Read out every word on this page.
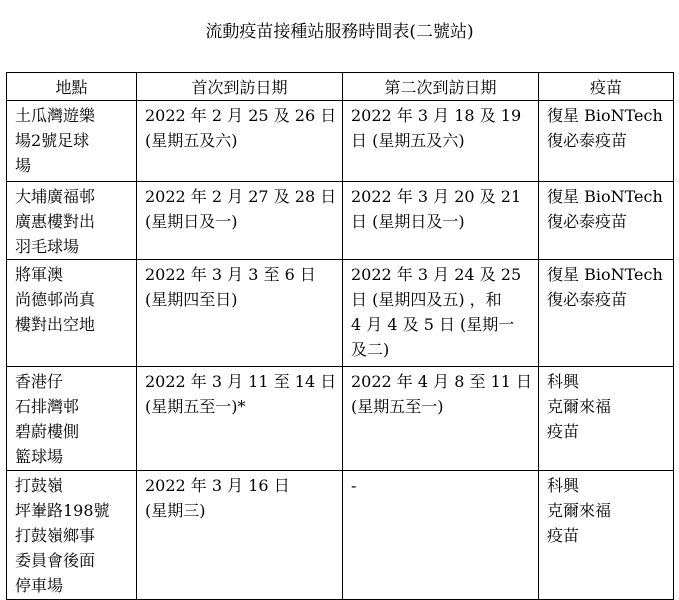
流動疫苗接種站服務時間表(二號站)
地點	首次到訪日期	第二次到訪日期	疫苗

土瓜灣遊樂
場2號足球
場	2022 年 2 月 25 及 26 日
(星期五及六)	2022 年 3 月 18 及 19
日 (星期五及六)	復星 BioNTech
復必泰疫苗

大埔廣福邨
廣惠樓對出
羽毛球場	2022 年 2 月 27 及 28 日
(星期日及一)	2022 年 3 月 20 及 21
日 (星期日及一)	復星 BioNTech
復必泰疫苗

將軍澳
尚德邨尚真
樓對出空地	2022 年 3 月 3 至 6 日
(星期四至日)	2022 年 3 月 24 及 25
日 (星期四及五) ，和
4 月 4 及 5 日 (星期一
及二)	復星 BioNTech
復必泰疫苗

香港仔
石排灣邨
碧蔚樓側
籃球場	2022 年 3 月 11 至 14 日
(星期五至一)*	2022 年 4 月 8 至 11 日
(星期五至一)	科興
克爾來福
疫苗

打鼓嶺
坪輋路198號
打鼓嶺鄉事
委員會後面
停車場	2022 年 3 月 16 日
(星期三)	-	科興
克爾來福
疫苗
